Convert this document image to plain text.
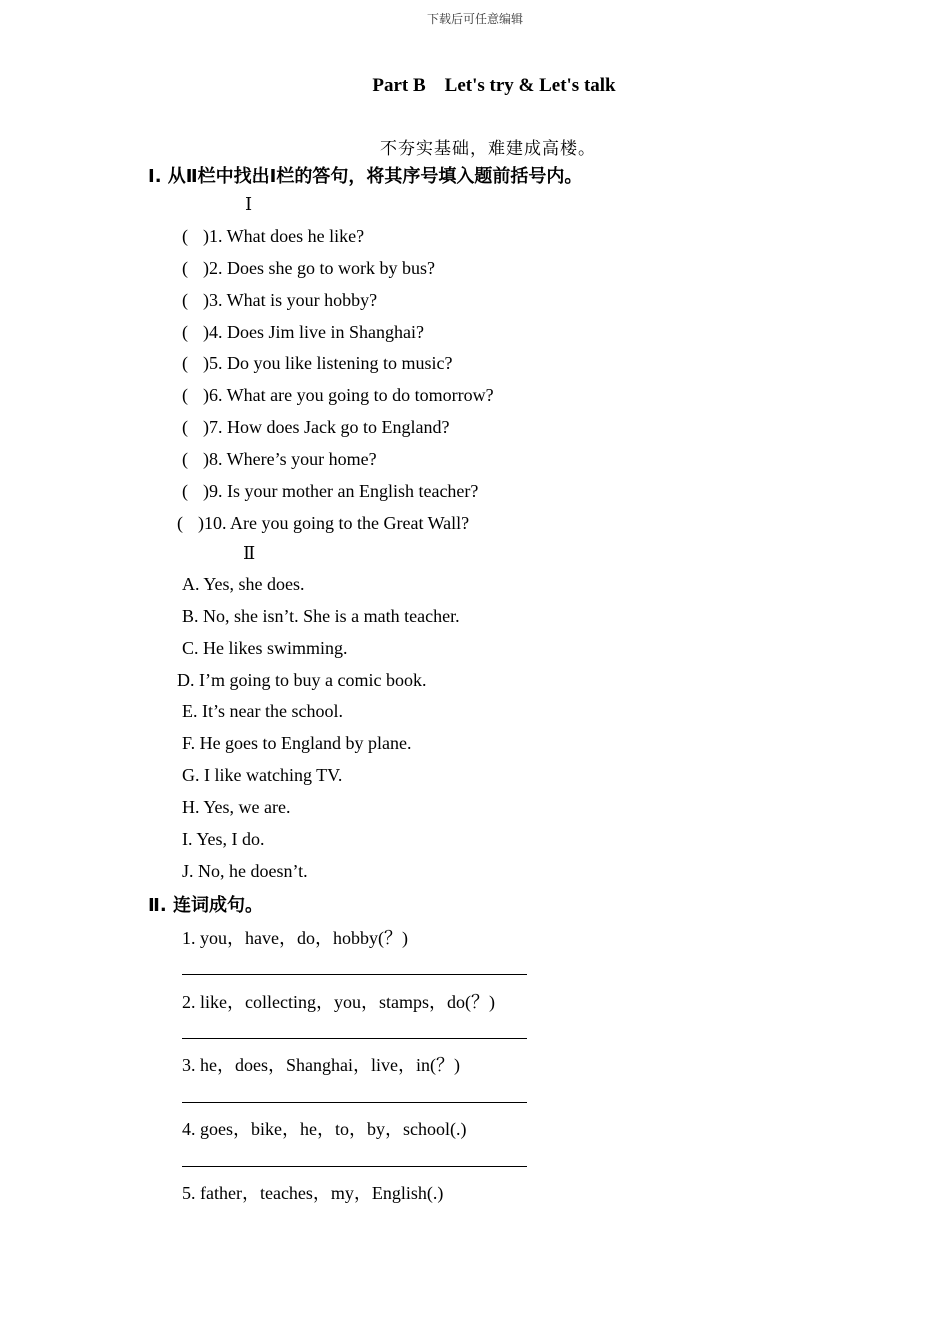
下载后可任意编辑
Part B　Let's try & Let's talk
不夯实基础，难建成高楼。
Ⅰ. 从Ⅱ栏中找出Ⅰ栏的答句，将其序号填入题前括号内。
Ⅰ
( )1. What does he like?
( )2. Does she go to work by bus?
( )3. What is your hobby?
( )4. Does Jim live in Shanghai?
( )5. Do you like listening to music?
( )6. What are you going to do tomorrow?
( )7. How does Jack go to England?
( )8. Where’s your home?
( )9. Is your mother an English teacher?
( )10. Are you going to the Great Wall?
Ⅱ
A. Yes, she does.
B. No, she isn’t. She is a math teacher.
C. He likes swimming.
D. I’m going to buy a comic book.
E. It’s near the school.
F. He goes to England by plane.
G. I like watching TV.
H. Yes, we are.
I. Yes, I do.
J. No, he doesn’t.
Ⅱ. 连词成句。
1. you，have，do，hobby(？)
2. like，collecting，you，stamps，do(？)
3. he，does，Shanghai，live，in(？)
4. goes，bike，he，to，by，school(.)
5. father，teaches，my，English(.)
